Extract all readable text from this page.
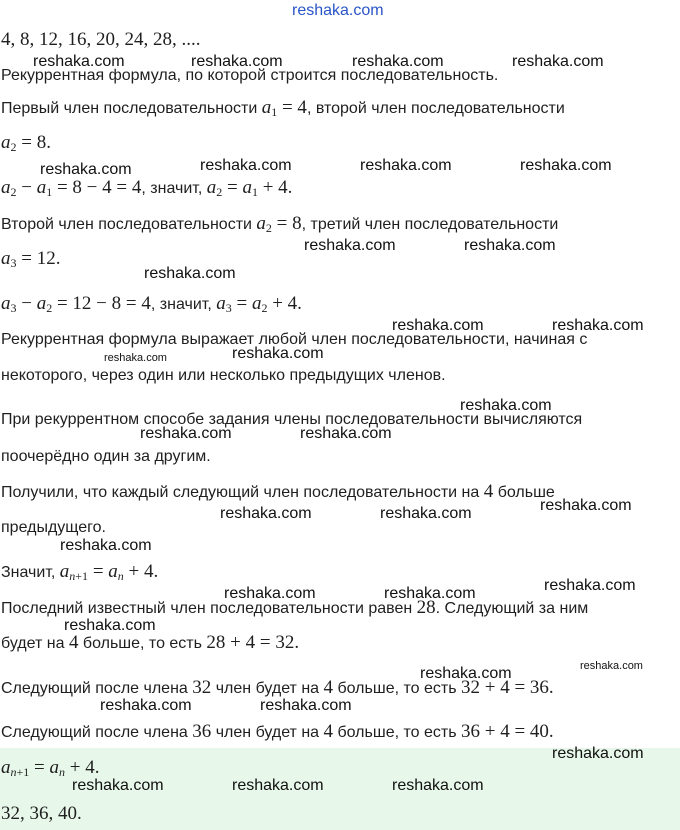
reshaka.com
4, 8, 12, 16, 20, 24, 28, ....
Рекуррентная формула, по которой строится последовательность.
Первый член последовательности $a_1 = 4$, второй член последовательности
$a_2 = 8$.
$a_2 - a_1 = 8 - 4 = 4$, значит, $a_2 = a_1 + 4$.
Второй член последовательности $a_2 = 8$, третий член последовательности
$a_3 = 12$.
$a_3 - a_2 = 12 - 8 = 4$, значит, $a_3 = a_2 + 4$.
Рекуррентная формула выражает любой член последовательности, начиная с
некоторого, через один или несколько предыдущих членов.
При рекуррентном способе задания члены последовательности вычисляются
поочерёдно один за другим.
Получили, что каждый следующий член последовательности на 4 больше
предыдущего.
Значит, $a_{n+1} = a_n + 4$.
Последний известный член последовательности равен 28. Следующий за ним
будет на 4 больше, то есть 28 + 4 = 32.
Следующий после члена 32 член будет на 4 больше, то есть 32 + 4 = 36.
Следующий после члена 36 член будет на 4 больше, то есть 36 + 4 = 40.
$a_{n+1} = a_n + 4$.
32, 36, 40.
reshaka.com	reshaka.com	reshaka.com	reshaka.com
reshaka.com	reshaka.com	reshaka.com	reshaka.com
reshaka.com	reshaka.com
reshaka.com
reshaka.com	reshaka.com
reshaka.com	reshaka.com
reshaka.com
reshaka.com	reshaka.com
reshaka.com
reshaka.com	reshaka.com
reshaka.com
reshaka.com
reshaka.com	reshaka.com
reshaka.com
reshaka.com
reshaka.com
reshaka.com	reshaka.com
reshaka.com
reshaka.com	reshaka.com	reshaka.com
